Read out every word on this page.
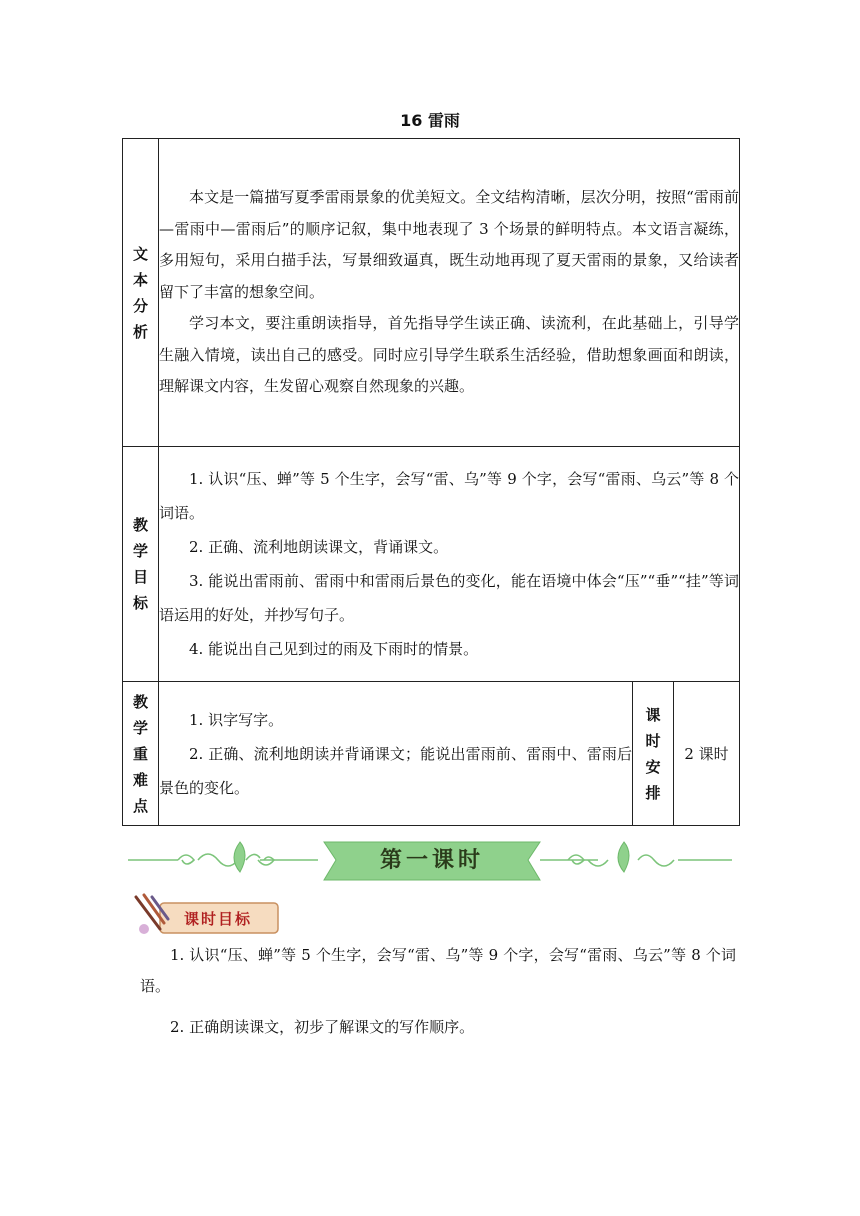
16 雷雨
文本分析	本文是一篇描写夏季雷雨景象的优美短文。全文结构清晰，层次分明，按照“雷雨前—雷雨中—雷雨后”的顺序记叙，集中地表现了 3 个场景的鲜明特点。本文语言凝练，多用短句，采用白描手法，写景细致逼真，既生动地再现了夏天雷雨的景象，又给读者留下了丰富的想象空间。

学习本文，要注重朗读指导，首先指导学生读正确、读流利，在此基础上，引导学生融入情境，读出自己的感受。同时应引导学生联系生活经验，借助想象画面和朗读，理解课文内容，生发留心观察自然现象的兴趣。		

教学目标	1. 认识“压、蝉”等 5 个生字，会写“雷、乌”等 9 个字，会写“雷雨、乌云”等 8 个词语。

2. 正确、流利地朗读课文，背诵课文。

3. 能说出雷雨前、雷雨中和雷雨后景色的变化，能在语境中体会“压”“垂”“挂”等词语运用的好处，并抄写句子。

4. 能说出自己见到过的雨及下雨时的情景。		

教学重难点	1. 识字写字。

2. 正确、流利地朗读并背诵课文；能说出雷雨前、雷雨中、雷雨后景色的变化。	课时安排	2 课时
第一课时
课时目标

1. 认识“压、蝉”等 5 个生字，会写“雷、乌”等 9 个字，会写“雷雨、乌云”等 8 个词语。

2. 正确朗读课文，初步了解课文的写作顺序。
